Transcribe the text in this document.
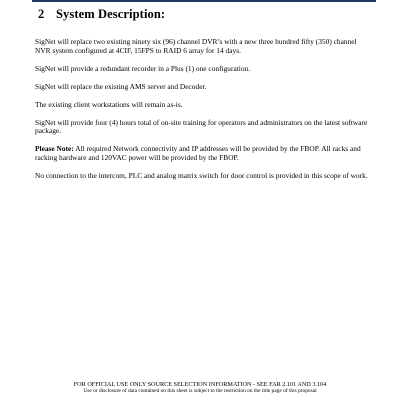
2 System Description:

SigNet will replace two existing ninety six (96) channel DVR’s with a new three hundred fifty (350) channel NVR system configured at 4CIF, 15FPS to RAID 6 array for 14 days.

SigNet will provide a redundant recorder in a Plus (1) one configuration.

SigNet will replace the existing AMS server and Decoder.

The existing client workstations will remain as-is.

SigNet will provide four (4) hours total of on-site training for operators and administrators on the latest software package.

Please Note: All required Network connectivity and IP addresses will be provided by the FBOP. All racks and racking hardware and 120VAC power will be provided by the FBOP.

No connection to the intercom, PLC and analog matrix switch for door control is provided in this scope of work.

FOR OFFICIAL USE ONLY SOURCE SELECTION INFORMATION - SEE FAR 2.101 AND 3.104
Use or disclosure of data contained on this sheet is subject to the restriction on the title page of this proposal
